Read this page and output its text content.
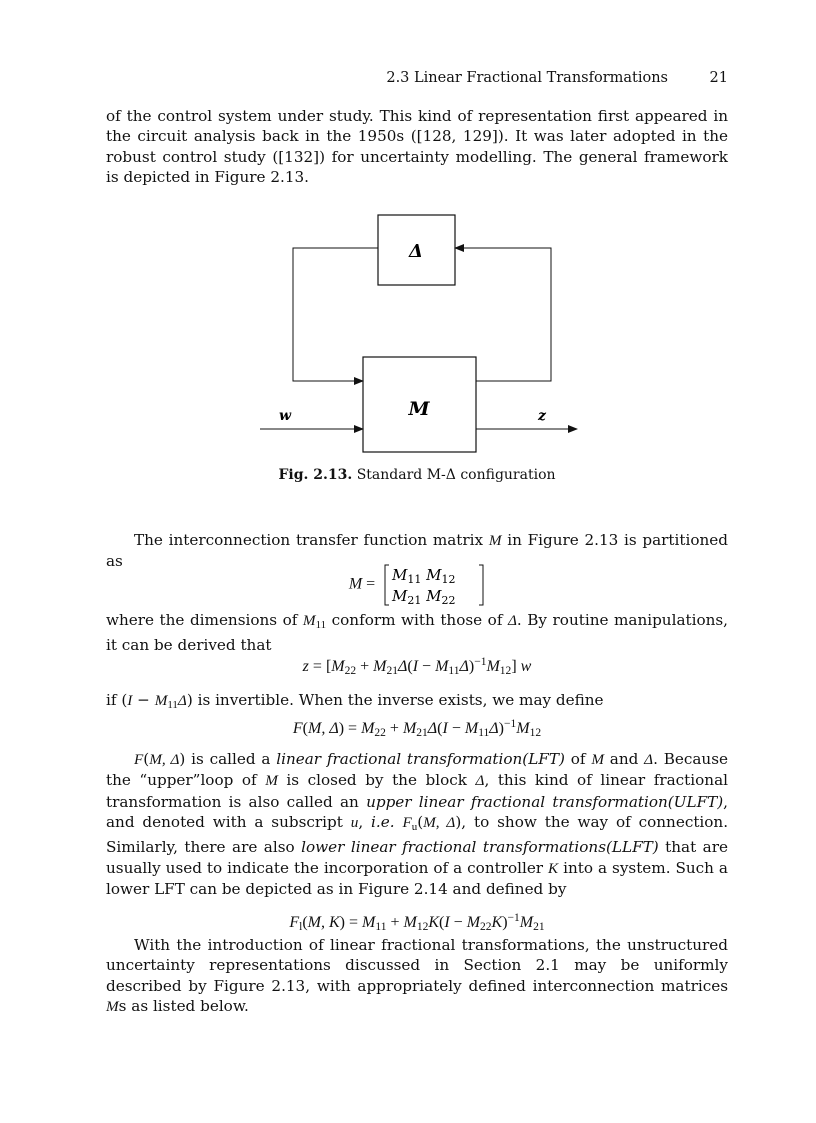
2.3 Linear Fractional Transformations	21

of the control system under study. This kind of representation first appeared in the circuit analysis back in the 1950s ([128, 129]). It was later adopted in the robust control study ([132]) for uncertainty modelling. The general framework is depicted in Figure 2.13.

Δ
M
w	z
Fig. 2.13. Standard M-Δ configuration

The interconnection transfer function matrix M in Figure 2.13 is partitioned as

M =
$M_{11}$ $M_{12}$
$M_{21}$ $M_{22}$

where the dimensions of $M_{11}$ conform with those of Δ. By routine manipulations, it can be derived that

$z = [M_{22} + M_{21}\Delta(I - M_{11}\Delta)^{-1}M_{12}]$ w

if $(I - M_{11}\Delta)$ is invertible. When the inverse exists, we may define

F(M, $\Delta) = M_{22} + M_{21}\Delta(I - M_{11}\Delta)^{-1}M_{12}$

F(M, Δ) is called a linear fractional transformation(LFT) of M and Δ. Because the “upper”loop of M is closed by the block Δ, this kind of linear fractional transformation is also called an upper linear fractional transformation(ULFT), and denoted with a subscript u, i.e. $F_u(M$, Δ), to show the way of connection. Similarly, there are also lower linear fractional transformations(LLFT) that are usually used to indicate the incorporation of a controller K into a system. Such a lower LFT can be depicted as in Figure 2.14 and defined by

$F_l(M$, $K) = M_{11} + M_{12}K(I - M_{22}K)^{-1}M_{21}$

With the introduction of linear fractional transformations, the unstructured uncertainty representations discussed in Section 2.1 may be uniformly described by Figure 2.13, with appropriately defined interconnection matrices Ms as listed below.
